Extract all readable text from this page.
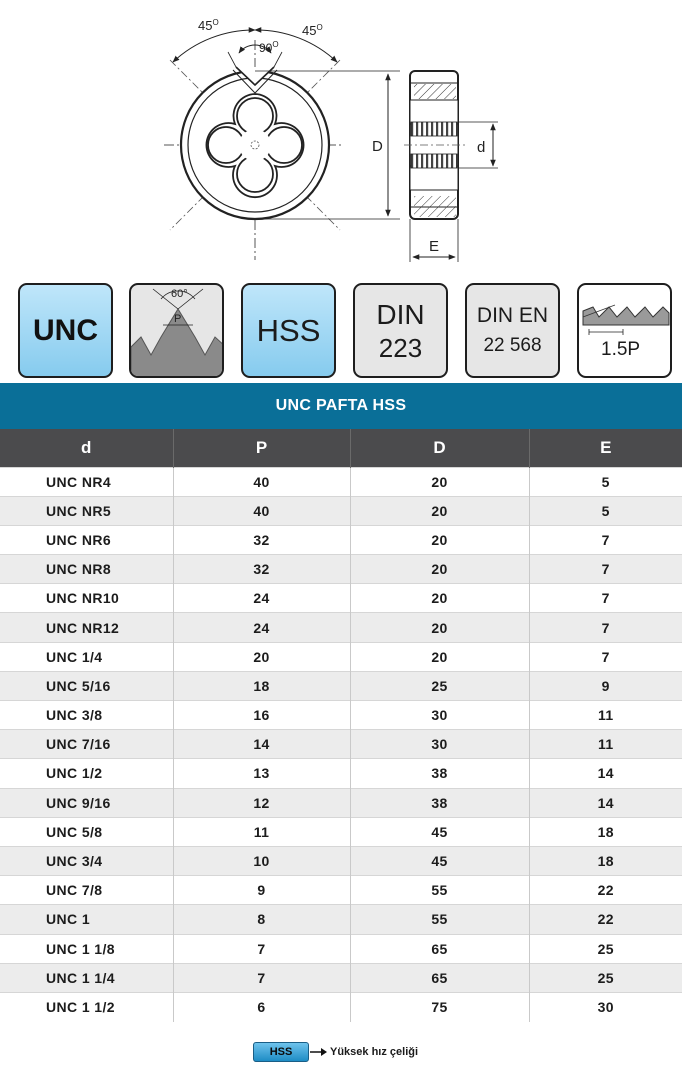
$45^O$
$45^O$
$90^O$
D	d
E
UNC
60°
P HSS DIN
223
DIN EN
22 568	1.5P
UNC PAFTA HSS
d	P	D	E
UNC NR4	40	20	5
UNC NR5	40	20	5
UNC NR6	32	20	7
UNC NR8	32	20	7
UNC NR10	24	20	7
UNC NR12	24	20	7
UNC 1/4	20	20	7
UNC 5/16	18	25	9
UNC 3/8	16	30	11
UNC 7/16	14	30	11
UNC 1/2	13	38	14
UNC 9/16	12	38	14
UNC 5/8	11	45	18
UNC 3/4	10	45	18
UNC 7/8	9	55	22
UNC 1	8	55	22
UNC 1 1/8	7	65	25
UNC 1 1/4	7	65	25
UNC 1 1/2	6	75	30
HSS	Yüksek hız çeliği
